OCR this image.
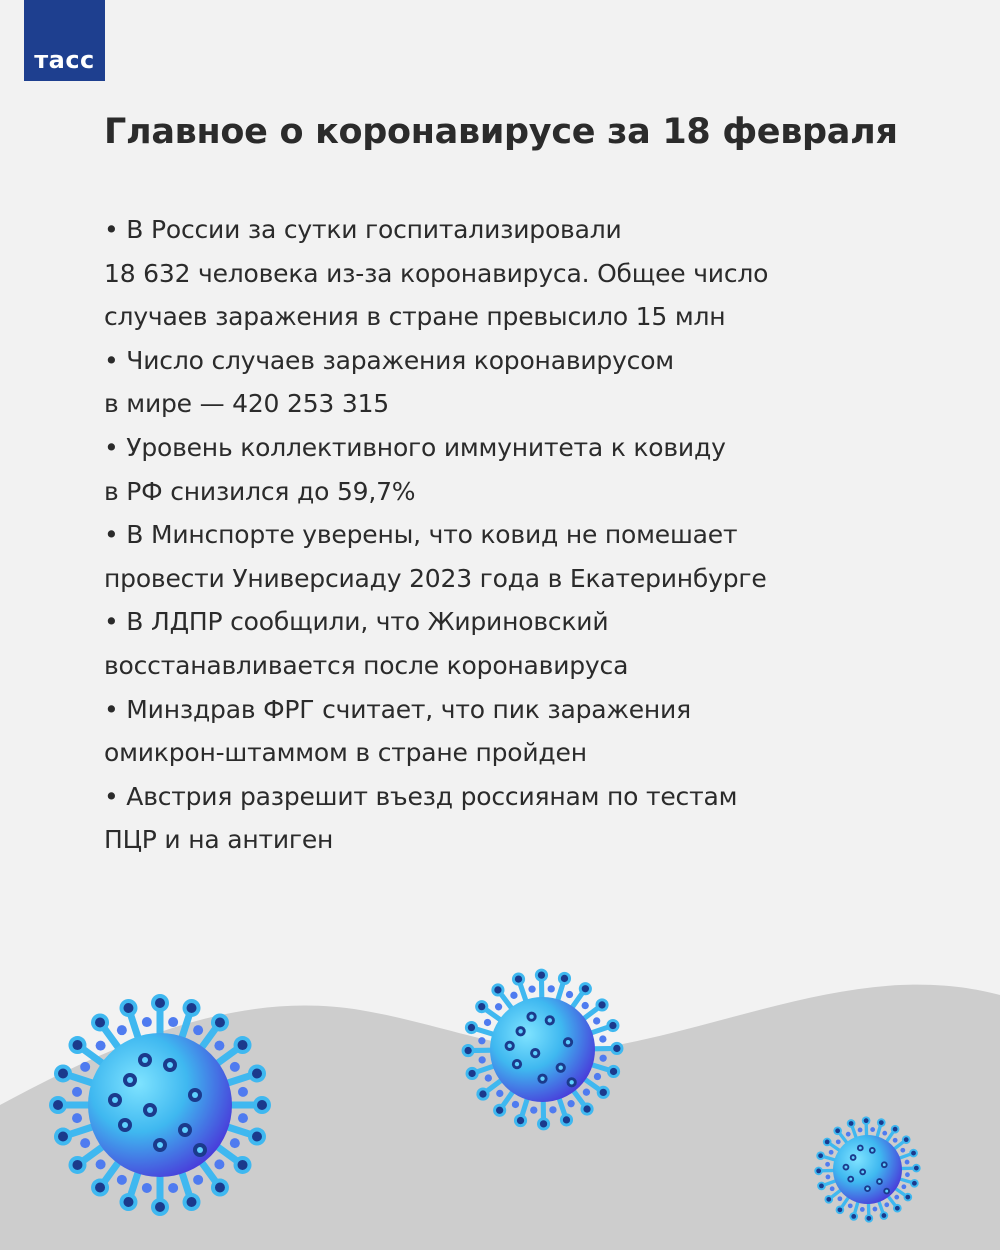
тасс
Главное о коронавирусе за 18 февраля
• В России за сутки госпитализировали
18 632 человека из-за коронавируса. Общее число
случаев заражения в стране превысило 15 млн
• Число случаев заражения коронавирусом
в мире — 420 253 315
• Уровень коллективного иммунитета к ковиду
в РФ снизился до 59,7%
• В Минспорте уверены, что ковид не помешает
провести Универсиаду 2023 года в Екатеринбурге
• В ЛДПР сообщили, что Жириновский
восстанавливается после коронавируса
• Минздрав ФРГ считает, что пик заражения
омикрон-штаммом в стране пройден
• Австрия разрешит въезд россиянам по тестам
ПЦР и на антиген
